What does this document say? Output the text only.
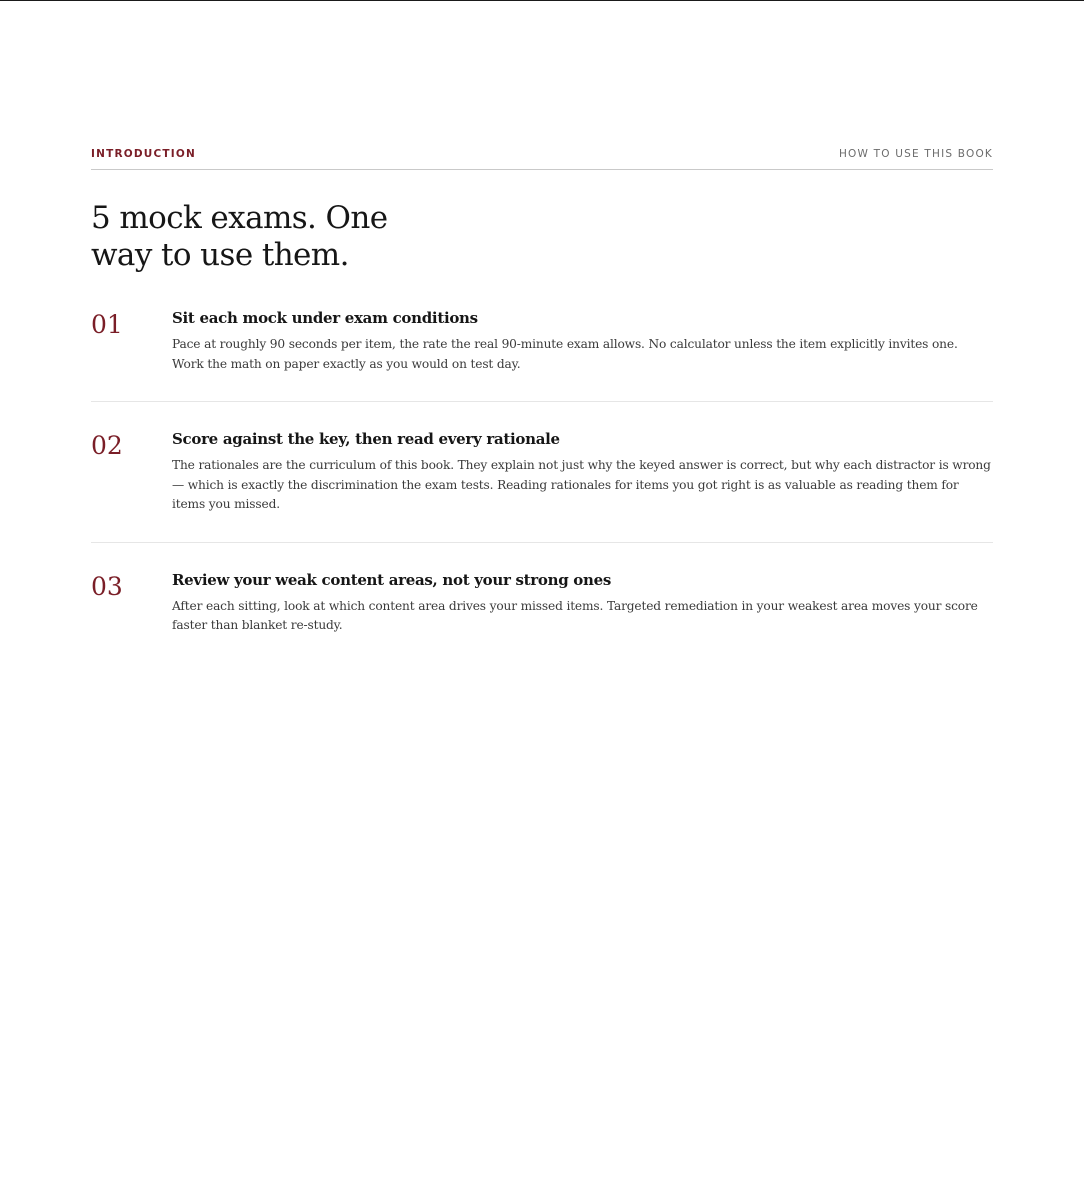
INTRODUCTION	HOW TO USE THIS BOOK
5 mock exams. One way to use them.
01	Sit each mock under exam conditions

Pace at roughly 90 seconds per item, the rate the real 90-minute exam allows. No calculator unless the item explicitly invites one. Work the math on paper exactly as you would on test day.

02	Score against the key, then read every rationale

The rationales are the curriculum of this book. They explain not just why the keyed answer is correct, but why each distractor is wrong — which is exactly the discrimination the exam tests. Reading rationales for items you got right is as valuable as reading them for items you missed.

03	Review your weak content areas, not your strong ones

After each sitting, look at which content area drives your missed items. Targeted remediation in your weakest area moves your score faster than blanket re-study.
